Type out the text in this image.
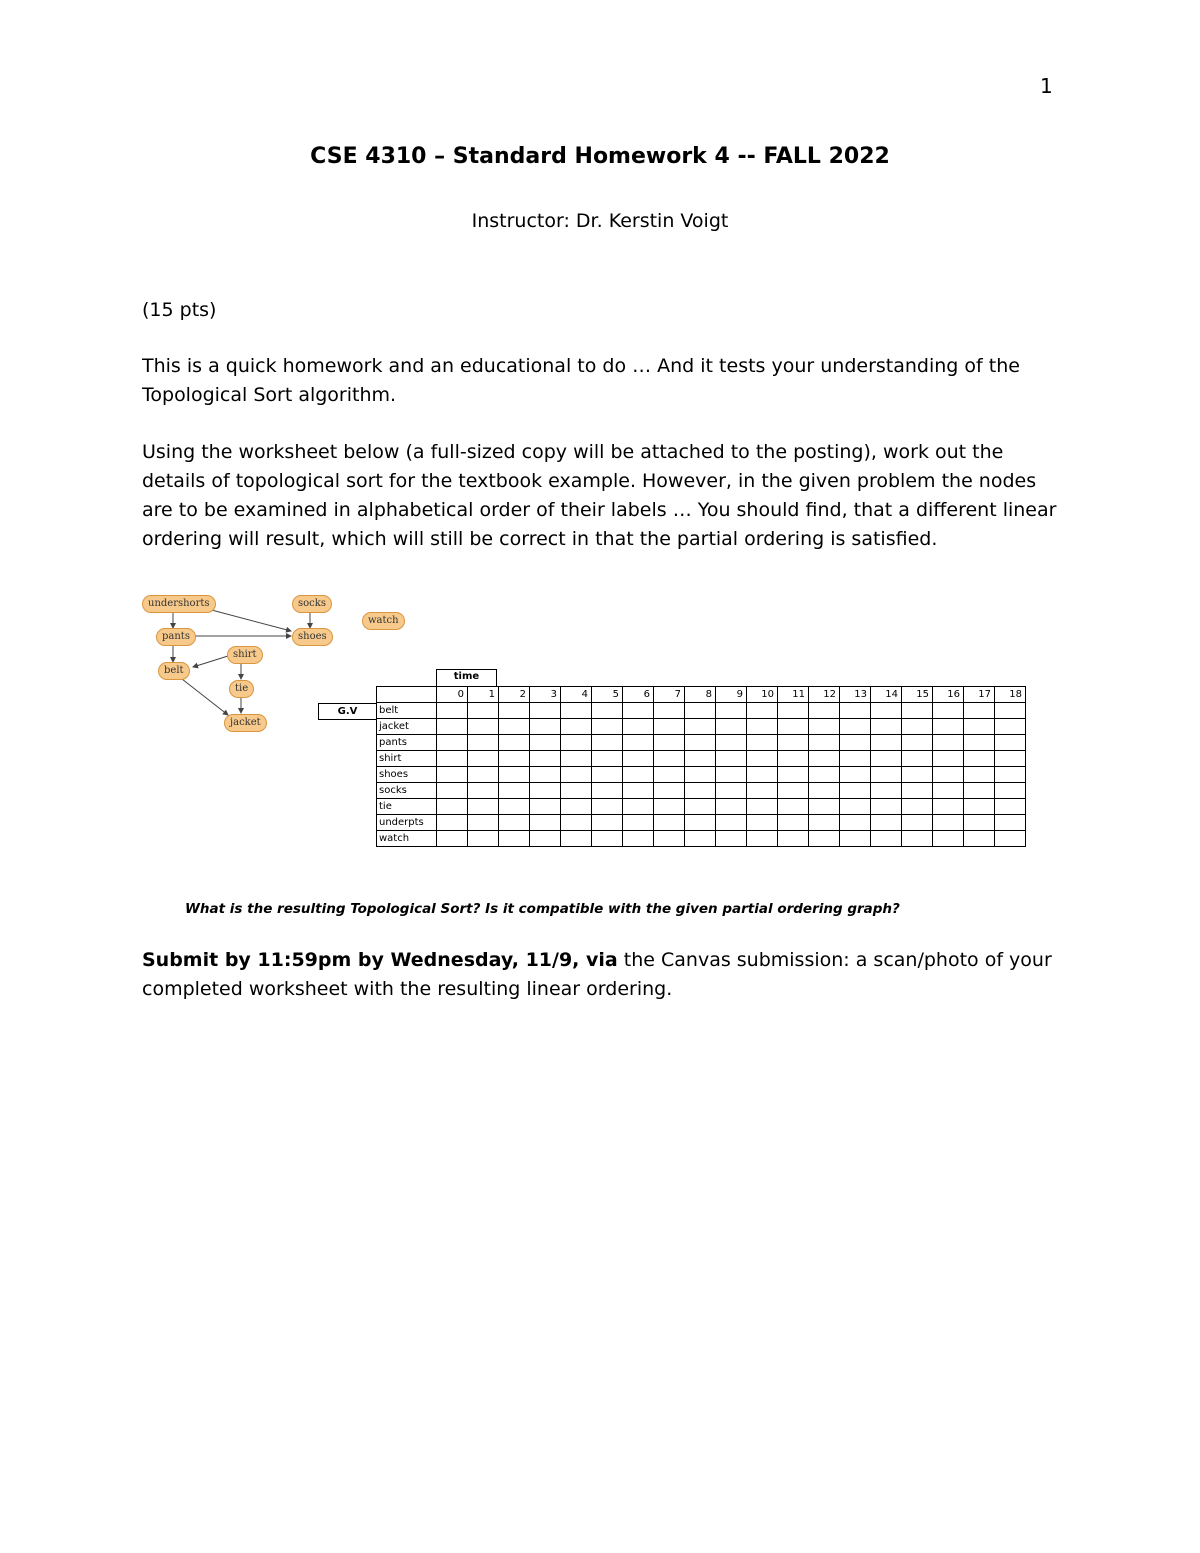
1
CSE 4310 – Standard Homework 4 -- FALL 2022
Instructor: Dr. Kerstin Voigt
(15 pts)
This is a quick homework and an educational to do … And it tests your understanding of the Topological Sort algorithm.
Using the worksheet below (a full-sized copy will be attached to the posting), work out the details of topological sort for the textbook example. However, in the given problem the nodes are to be examined in alphabetical order of their labels … You should find, that a different linear ordering will result, which will still be correct in that the partial ordering is satisfied.
undershorts	socks
watch
pants	shoes
shirt
belt
tie
jacket
time
G.V
	0	1	2	3	4	5	6	7	8	9	10	11	12	13	14	15	16	17	18
belt																			
jacket																			
pants																			
shirt																			
shoes																			
socks																			
tie																			
underpts																			
watch																			
What is the resulting Topological Sort? Is it compatible with the given partial ordering graph?
Submit by 11:59pm by Wednesday, 11/9, via the Canvas submission: a scan/photo of your completed worksheet with the resulting linear ordering.
